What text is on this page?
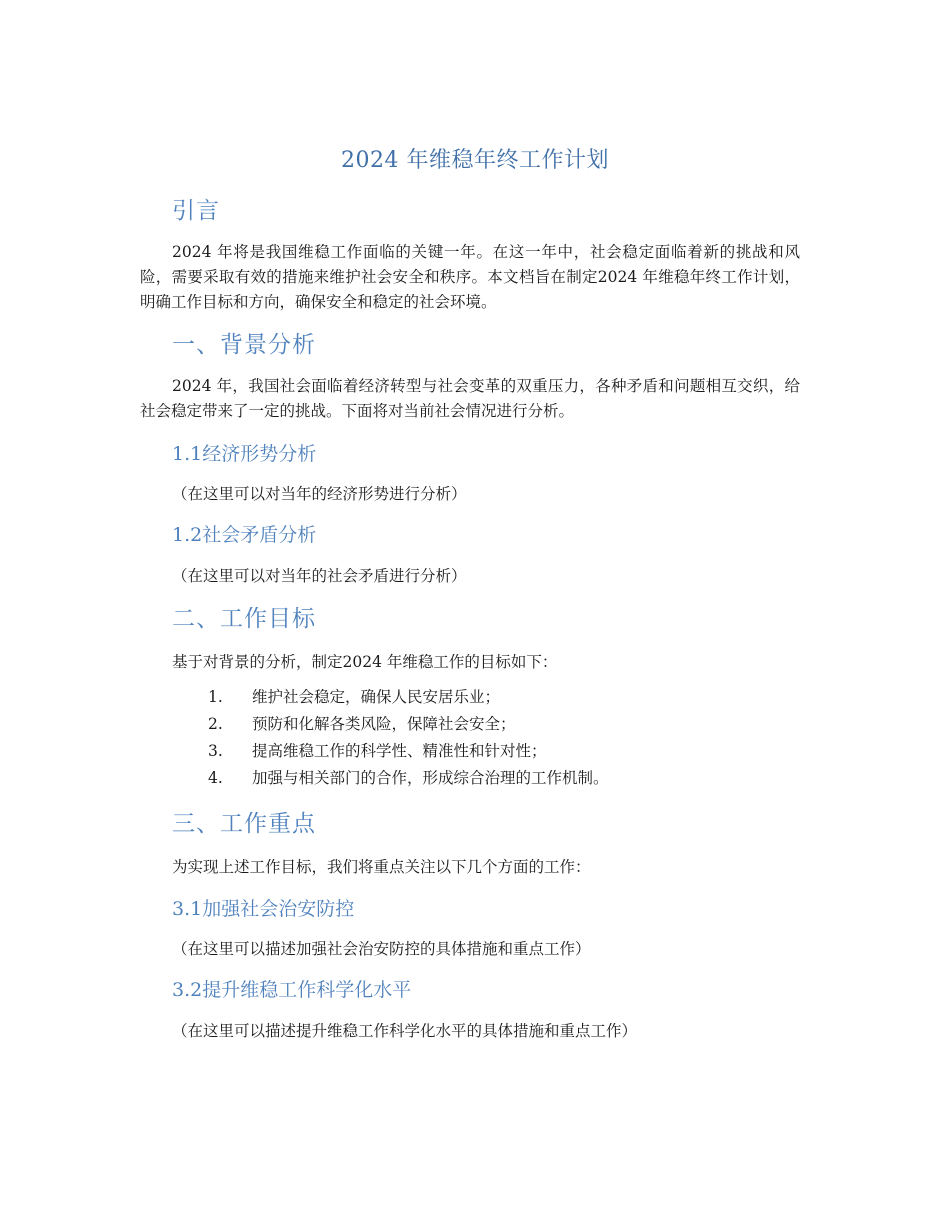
2024 年维稳年终工作计划
引言
2024 年将是我国维稳工作面临的关键一年。在这一年中，社会稳定面临着新的挑战和风险，需要采取有效的措施来维护社会安全和秩序。本文档旨在制定2024 年维稳年终工作计划，明确工作目标和方向，确保安全和稳定的社会环境。
一、背景分析
2024 年，我国社会面临着经济转型与社会变革的双重压力，各种矛盾和问题相互交织，给社会稳定带来了一定的挑战。下面将对当前社会情况进行分析。
1.1经济形势分析
（在这里可以对当年的经济形势进行分析）
1.2社会矛盾分析
（在这里可以对当年的社会矛盾进行分析）
二、工作目标
基于对背景的分析，制定2024 年维稳工作的目标如下：
1.	维护社会稳定，确保人民安居乐业；
2.	预防和化解各类风险，保障社会安全；
3.	提高维稳工作的科学性、精准性和针对性；
4.	加强与相关部门的合作，形成综合治理的工作机制。
三、工作重点
为实现上述工作目标，我们将重点关注以下几个方面的工作：
3.1加强社会治安防控
（在这里可以描述加强社会治安防控的具体措施和重点工作）
3.2提升维稳工作科学化水平
（在这里可以描述提升维稳工作科学化水平的具体措施和重点工作）
